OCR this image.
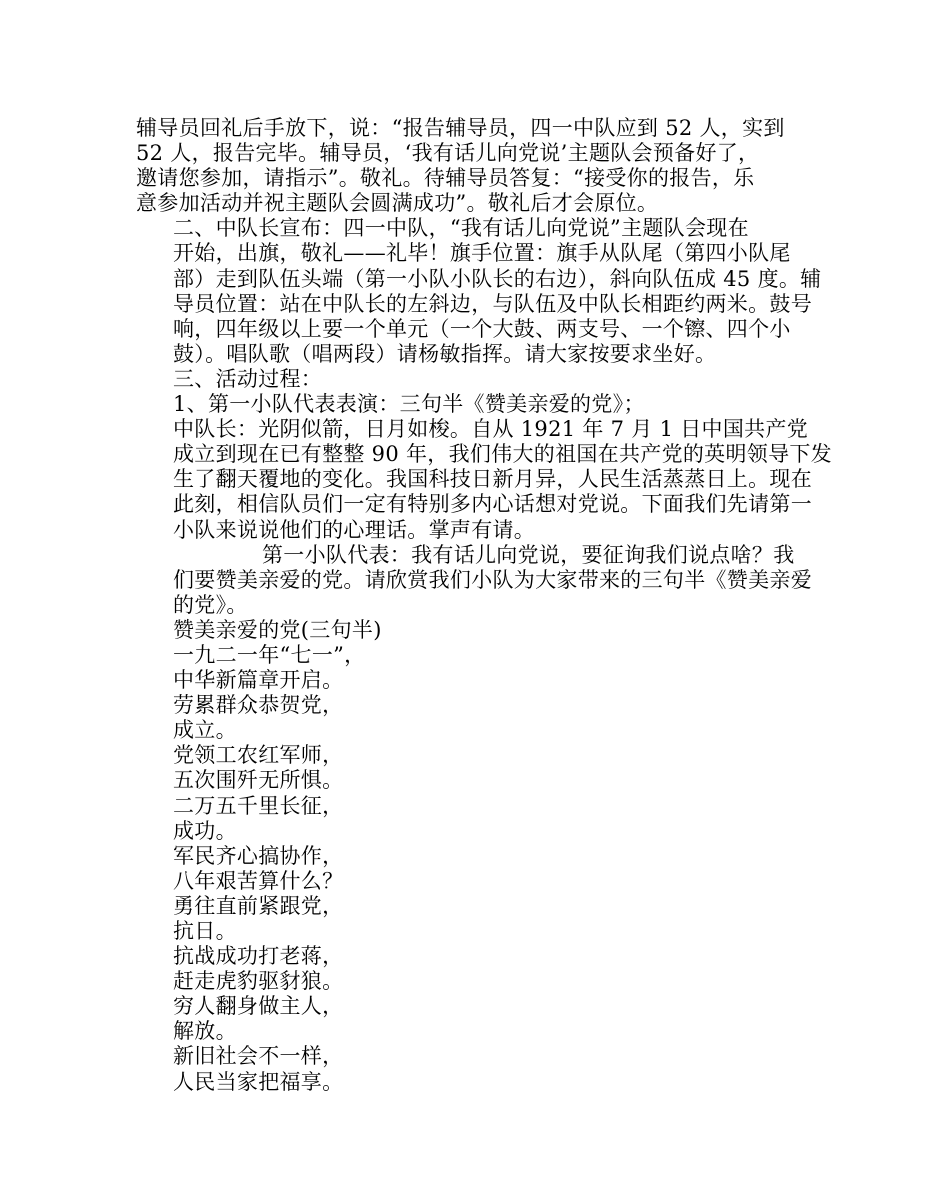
辅导员回礼后手放下，说：“报告辅导员，四一中队应到 52 人，实到
52 人，报告完毕。辅导员，‘我有话儿向党说’主题队会预备好了，
邀请您参加，请指示”。敬礼。待辅导员答复：“接受你的报告，乐
意参加活动并祝主题队会圆满成功”。敬礼后才会原位。
二、中队长宣布：四一中队，“我有话儿向党说”主题队会现在
开始，出旗，敬礼——礼毕！旗手位置：旗手从队尾（第四小队尾
部）走到队伍头端（第一小队小队长的右边），斜向队伍成 45 度。辅
导员位置：站在中队长的左斜边，与队伍及中队长相距约两米。鼓号
响，四年级以上要一个单元（一个大鼓、两支号、一个镲、四个小
鼓）。唱队歌（唱两段）请杨敏指挥。请大家按要求坐好。
三、活动过程：
1、第一小队代表表演：三句半《赞美亲爱的党》；
中队长：光阴似箭，日月如梭。自从 1921 年 7 月 1 日中国共产党
成立到现在已有整整 90 年，我们伟大的祖国在共产党的英明领导下发
生了翻天覆地的变化。我国科技日新月异，人民生活蒸蒸日上。现在
此刻，相信队员们一定有特别多内心话想对党说。下面我们先请第一
小队来说说他们的心理话。掌声有请。
第一小队代表：我有话儿向党说，要征询我们说点啥？我
们要赞美亲爱的党。请欣赏我们小队为大家带来的三句半《赞美亲爱
的党》。
赞美亲爱的党(三句半)
一九二一年“七一”，
中华新篇章开启。
劳累群众恭贺党，
成立。
党领工农红军师，
五次围歼无所惧。
二万五千里长征，
成功。
军民齐心搞协作，
八年艰苦算什么？
勇往直前紧跟党，
抗日。
抗战成功打老蒋，
赶走虎豹驱豺狼。
穷人翻身做主人，
解放。
新旧社会不一样，
人民当家把福享。
